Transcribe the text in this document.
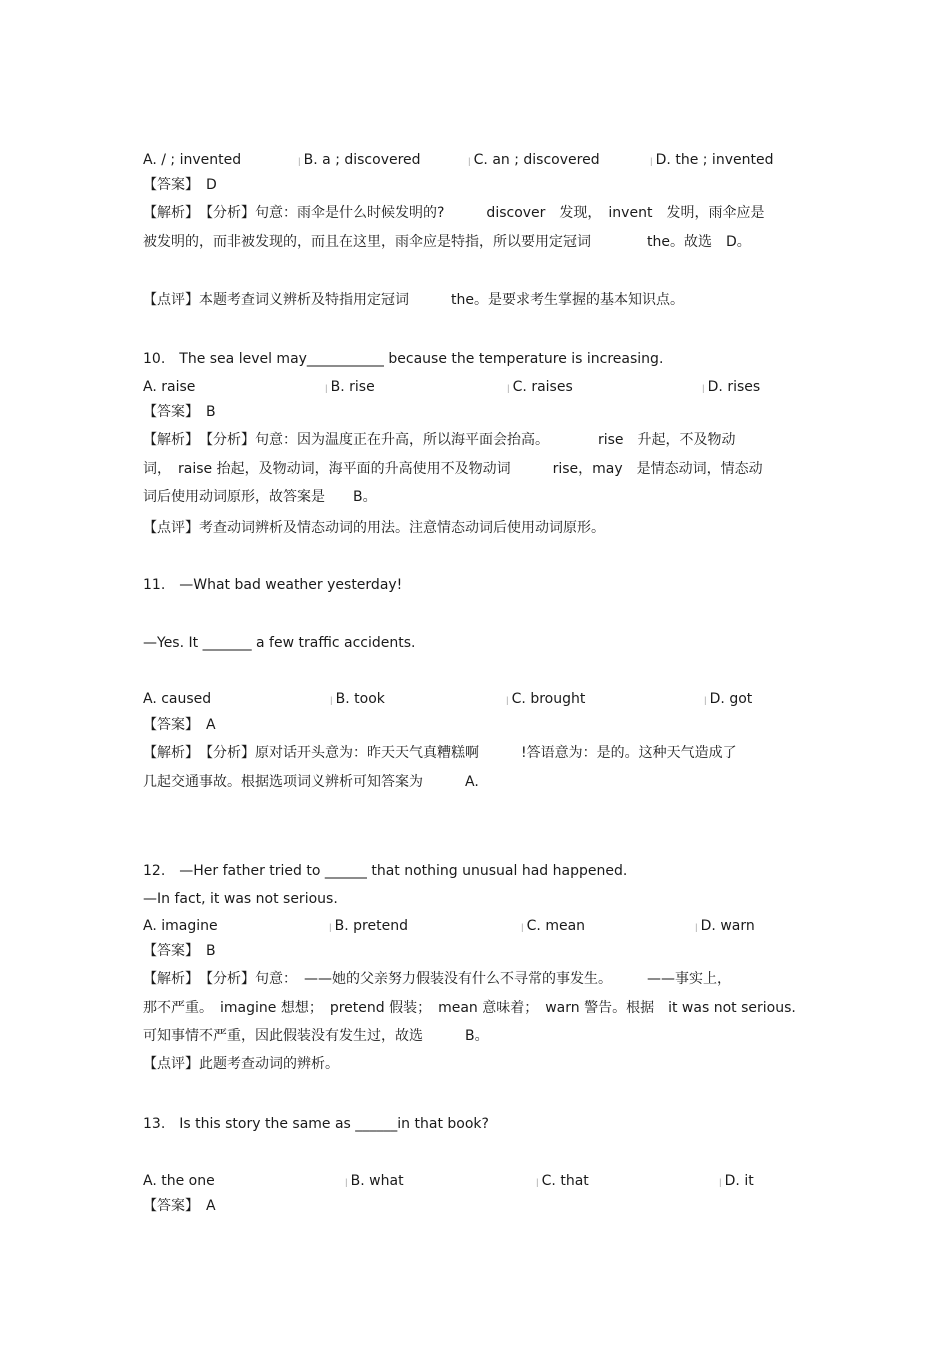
A. / ; invented	ǀ B. a ; discovered	ǀ C. an ; discovered	ǀ D. the ; invented
【答案】　D
【解析】　【分析】句意：雨伞是什么时候发明的?　　　discover　发现，　invent　发明，雨伞应是
被发明的，而非被发现的，而且在这里，雨伞应是特指，所以要用定冠词　　　　the。故选　D。
【点评】本题考查词义辨析及特指用定冠词　　　the。是要求考生掌握的基本知识点。
10.　The sea level may___________ because the temperature is increasing.
A. raise	ǀ B. rise	ǀ C. raises	ǀ D. rises
【答案】　B
【解析】　【分析】句意：因为温度正在升高，所以海平面会抬高。　　　　rise　升起，不及物动
词，　raise 抬起，及物动词，海平面的升高使用不及物动词　　　rise，may　是情态动词，情态动
词后使用动词原形，故答案是　　B。
【点评】考查动词辨析及情态动词的用法。注意情态动词后使用动词原形。
11.　—What bad weather yesterday!
—Yes. It _______ a few traffic accidents.
A. caused	ǀ B. took	ǀ C. brought	ǀ D. got
【答案】　A
【解析】　【分析】原对话开头意为：昨天天气真糟糕啊　　　!答语意为：是的。这种天气造成了
几起交通事故。根据选项词义辨析可知答案为　　　A.
12.　—Her father tried to ______ that nothing unusual had happened.
—In fact, it was not serious.
A. imagine	ǀ B. pretend	ǀ C. mean	ǀ D. warn
【答案】　B
【解析】　【分析】句意：　——她的父亲努力假装没有什么不寻常的事发生。　　　——事实上，
那不严重。　imagine 想想；　pretend 假装；　mean 意味着；　warn 警告。根据　it was not serious.
可知事情不严重，因此假装没有发生过，故选　　　B。
【点评】此题考查动词的辨析。
13.　Is this story the same as ______in that book?
A. the one	ǀ B. what	ǀ C. that	ǀ D. it
【答案】　A
